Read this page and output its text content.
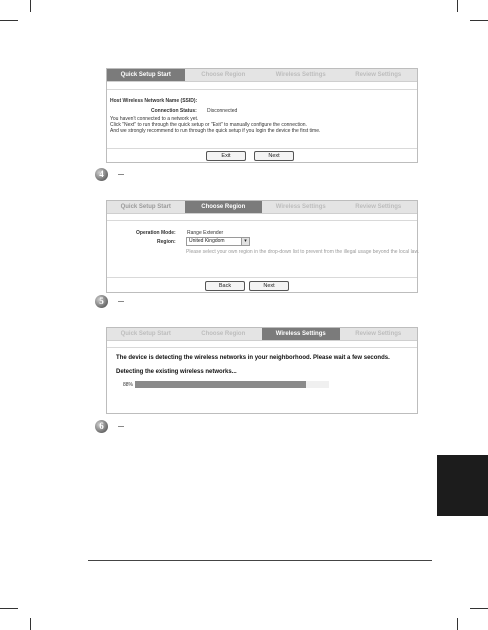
Quick Setup Start	Choose Region	Wireless Settings	Review Settings
Host Wireless Network Name (SSID):
Connection Status: Disconnected
You haven't connected to a network yet.
Click "Next" to run through the quick setup or "Exit" to manually configure the connection.
And we strongly recommend to run through the quick setup if you login the device the first time.
Exit	Next
4
Quick Setup Start	Choose Region	Wireless Settings	Review Settings
Operation Mode: Range Extender
Region:	United Kingdom	▾
Please select your own region in the drop-down list to prevent from the illegal usage beyond the local law.
Back	Next
5
Quick Setup Start	Choose Region	Wireless Settings	Review Settings
The device is detecting the wireless networks in your neighborhood. Please wait a few seconds.
Detecting the existing wireless networks...
88%
6
